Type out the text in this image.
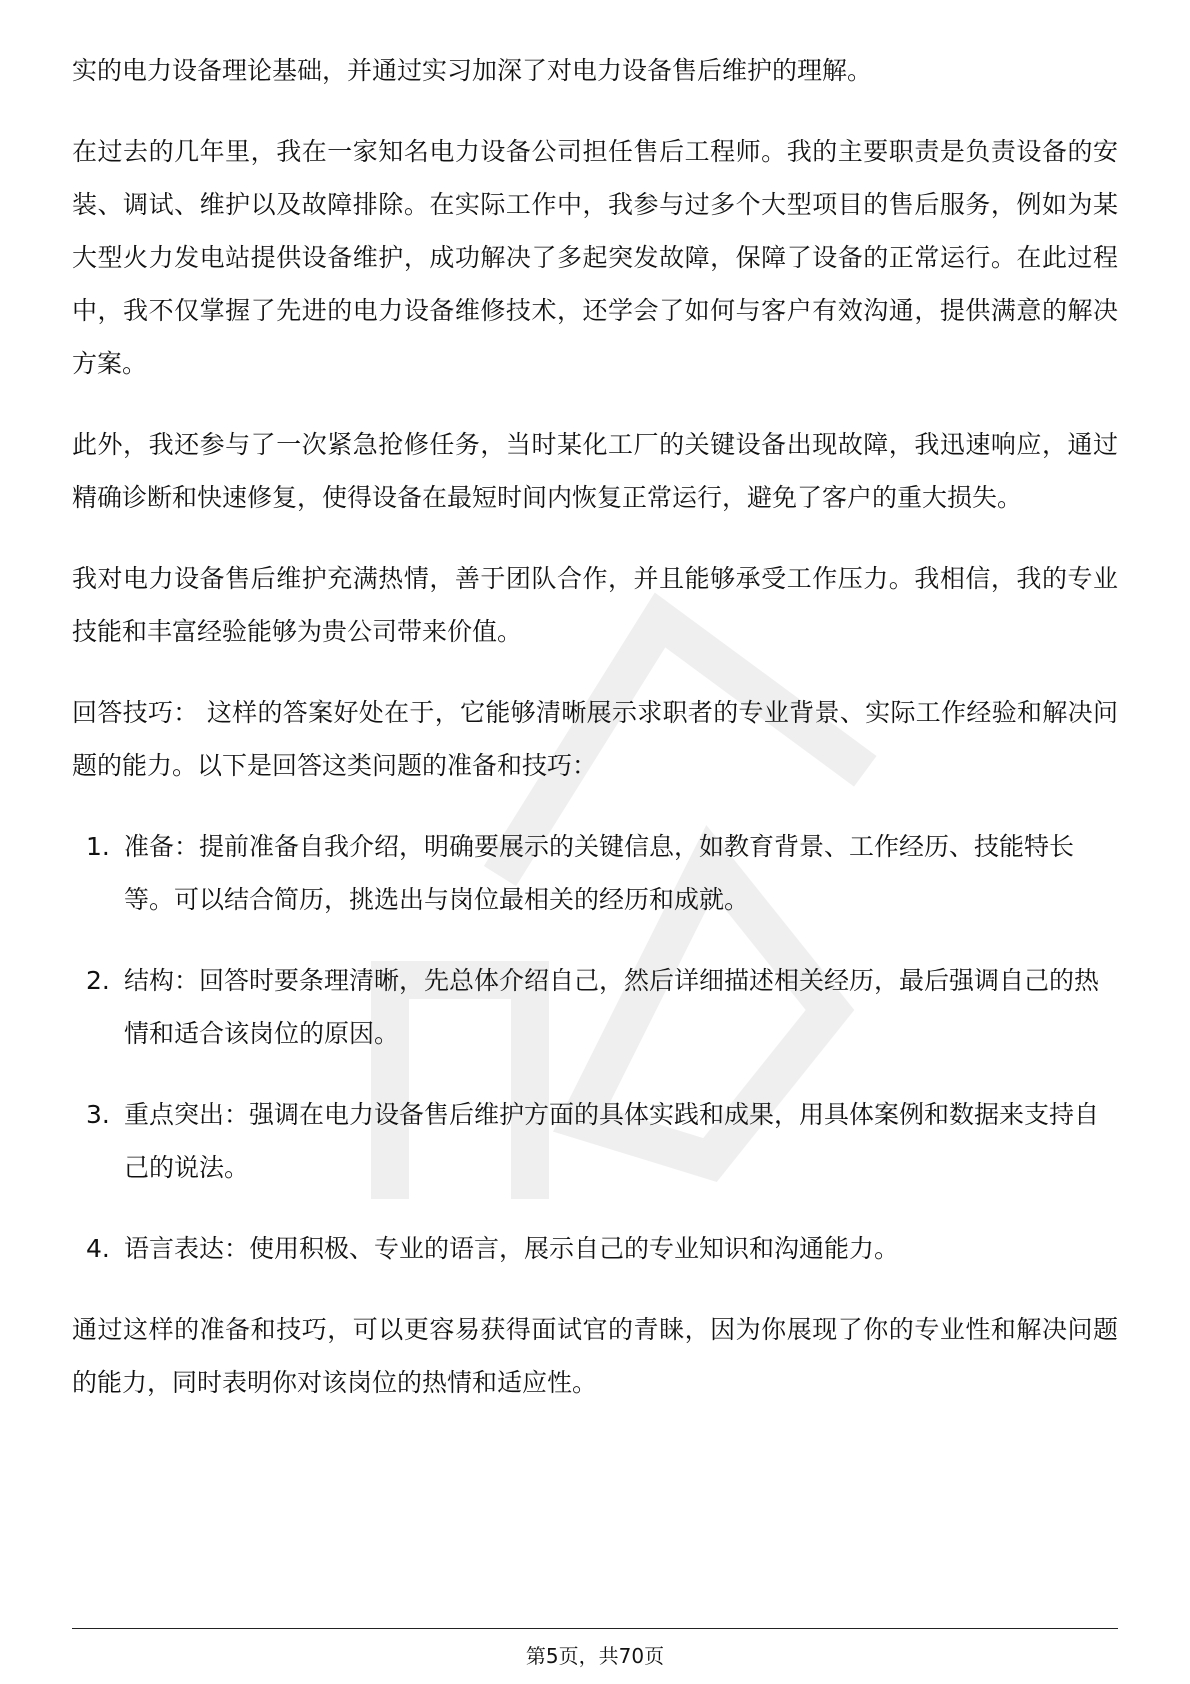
实的电力设备理论基础，并通过实习加深了对电力设备售后维护的理解。

在过去的几年里，我在一家知名电力设备公司担任售后工程师。我的主要职责是负责设备的安装、调试、维护以及故障排除。在实际工作中，我参与过多个大型项目的售后服务，例如为某大型火力发电站提供设备维护，成功解决了多起突发故障，保障了设备的正常运行。在此过程中，我不仅掌握了先进的电力设备维修技术，还学会了如何与客户有效沟通，提供满意的解决方案。

此外，我还参与了一次紧急抢修任务，当时某化工厂的关键设备出现故障，我迅速响应，通过精确诊断和快速修复，使得设备在最短时间内恢复正常运行，避免了客户的重大损失。

我对电力设备售后维护充满热情，善于团队合作，并且能够承受工作压力。我相信，我的专业技能和丰富经验能够为贵公司带来价值。

回答技巧： 这样的答案好处在于，它能够清晰展示求职者的专业背景、实际工作经验和解决问题的能力。以下是回答这类问题的准备和技巧：

1. 准备：提前准备自我介绍，明确要展示的关键信息，如教育背景、工作经历、技能特长等。可以结合简历，挑选出与岗位最相关的经历和成就。
2. 结构：回答时要条理清晰，先总体介绍自己，然后详细描述相关经历，最后强调自己的热情和适合该岗位的原因。
3. 重点突出：强调在电力设备售后维护方面的具体实践和成果，用具体案例和数据来支持自己的说法。
4. 语言表达：使用积极、专业的语言，展示自己的专业知识和沟通能力。

通过这样的准备和技巧，可以更容易获得面试官的青睐，因为你展现了你的专业性和解决问题的能力，同时表明你对该岗位的热情和适应性。

第5页，共70页
